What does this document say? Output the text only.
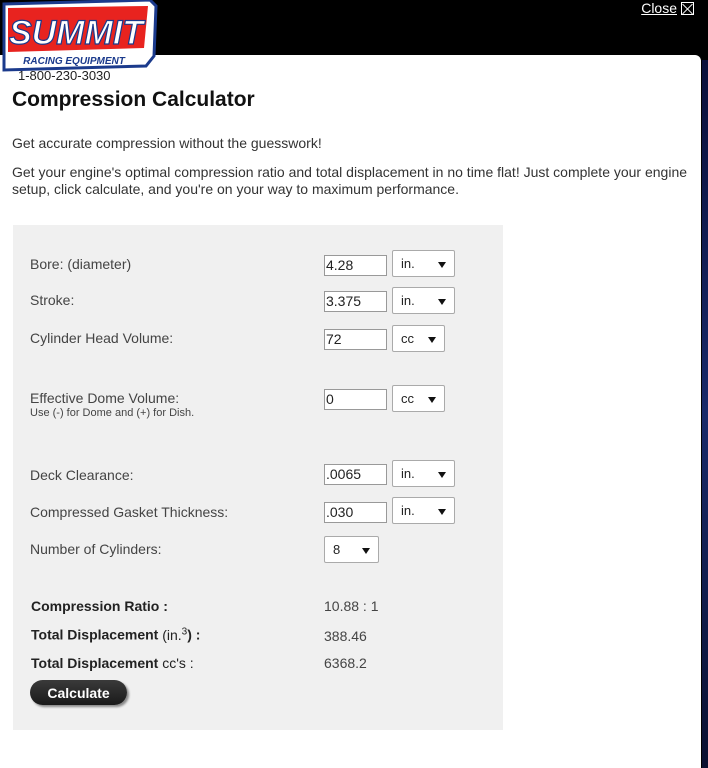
Close
SUMMIT
RACING EQUIPMENT
1-800-230-3030
Compression Calculator
Get accurate compression without the guesswork!
Get your engine's optimal compression ratio and total displacement in no time flat! Just complete your engine setup, click calculate, and you're on your way to maximum performance.
Bore: (diameter)	4.28	in.
Stroke:	3.375	in.
Cylinder Head Volume:	72	cc
Effective Dome Volume:
Use (-) for Dome and (+) for Dish.
0	cc
Deck Clearance:	.0065	in.
Compressed Gasket Thickness:	.030	in.
Number of Cylinders:	8
Compression Ratio :	10.88 : 1
Total Displacement (in.$^3$) :	388.46
Total Displacement cc's :	6368.2
Calculate
